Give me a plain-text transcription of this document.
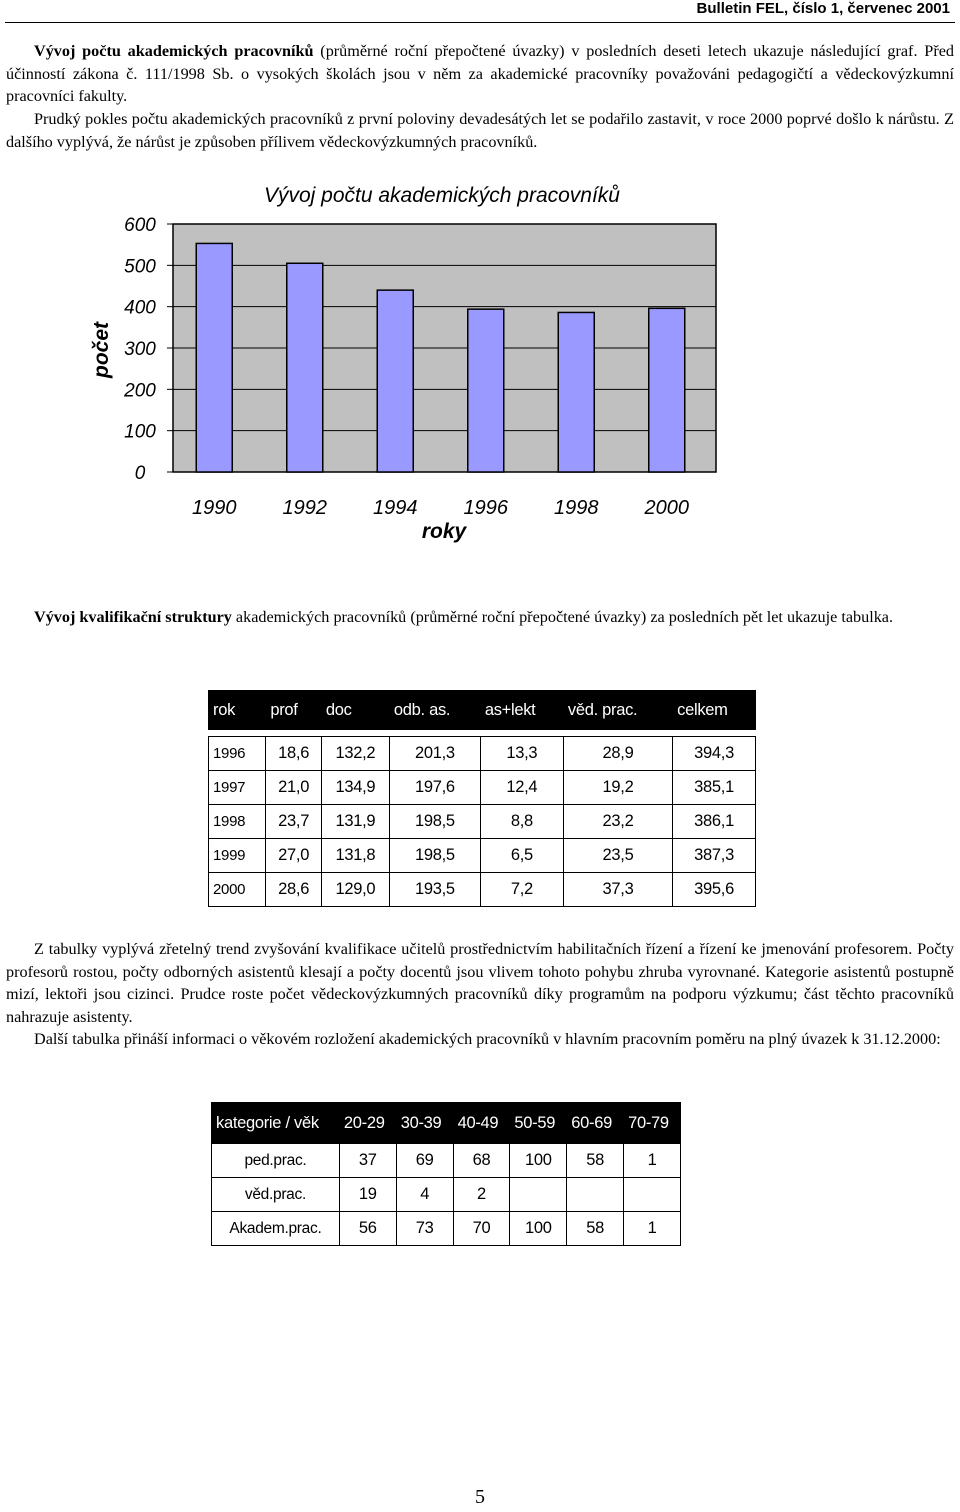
Bulletin FEL, číslo 1, červenec 2001

Vývoj počtu akademických pracovníků (průměrné roční přepočtené úvazky) v posledních deseti letech ukazuje následující graf. Před účinností zákona č. 111/1998 Sb. o vysokých školách jsou v něm za akademické pracovníky považováni pedagogičtí a vědeckovýzkumní pracovníci fakulty.

Prudký pokles počtu akademických pracovníků z první poloviny devadesátých let se podařilo zastavit, v roce 2000 poprvé došlo k nárůstu. Z dalšího vyplývá, že nárůst je způsoben přílivem vědeckovýzkumných pracovníků.

0
100
200
300
400
500
600
1990 1992 1994 1996 1998 2000
Vývoj počtu akademických pracovníků
roky
počet

Vývoj kvalifikační struktury akademických pracovníků (průměrné roční přepočtené úvazky) za posledních pět let ukazuje tabulka.

rok	prof	doc	odb. as.	as+lekt	věd. prac.	celkem

1996	18,6	132,2	201,3	13,3	28,9	394,3
1997	21,0	134,9	197,6	12,4	19,2	385,1
1998	23,7	131,9	198,5	8,8	23,2	386,1
1999	27,0	131,8	198,5	6,5	23,5	387,3
2000	28,6	129,0	193,5	7,2	37,3	395,6

Z tabulky vyplývá zřetelný trend zvyšování kvalifikace učitelů prostřednictvím habilitačních řízení a řízení ke jmenování profesorem. Počty profesorů rostou, počty odborných asistentů klesají a počty docentů jsou vlivem tohoto pohybu zhruba vyrovnané. Kategorie asistentů postupně mizí, lektoři jsou cizinci. Prudce roste počet vědeckovýzkumných pracovníků díky programům na podporu výzkumu; část těchto pracovníků nahrazuje asistenty.

Další tabulka přináší informaci o věkovém rozložení akademických pracovníků v hlavním pracovním poměru na plný úvazek k 31.12.2000:

kategorie / věk	20-29	30-39	40-49	50-59	60-69	70-79
ped.prac.	37	69	68	100	58	1
věd.prac.	19	4	2			
Akadem.prac.	56	73	70	100	58	1
5
